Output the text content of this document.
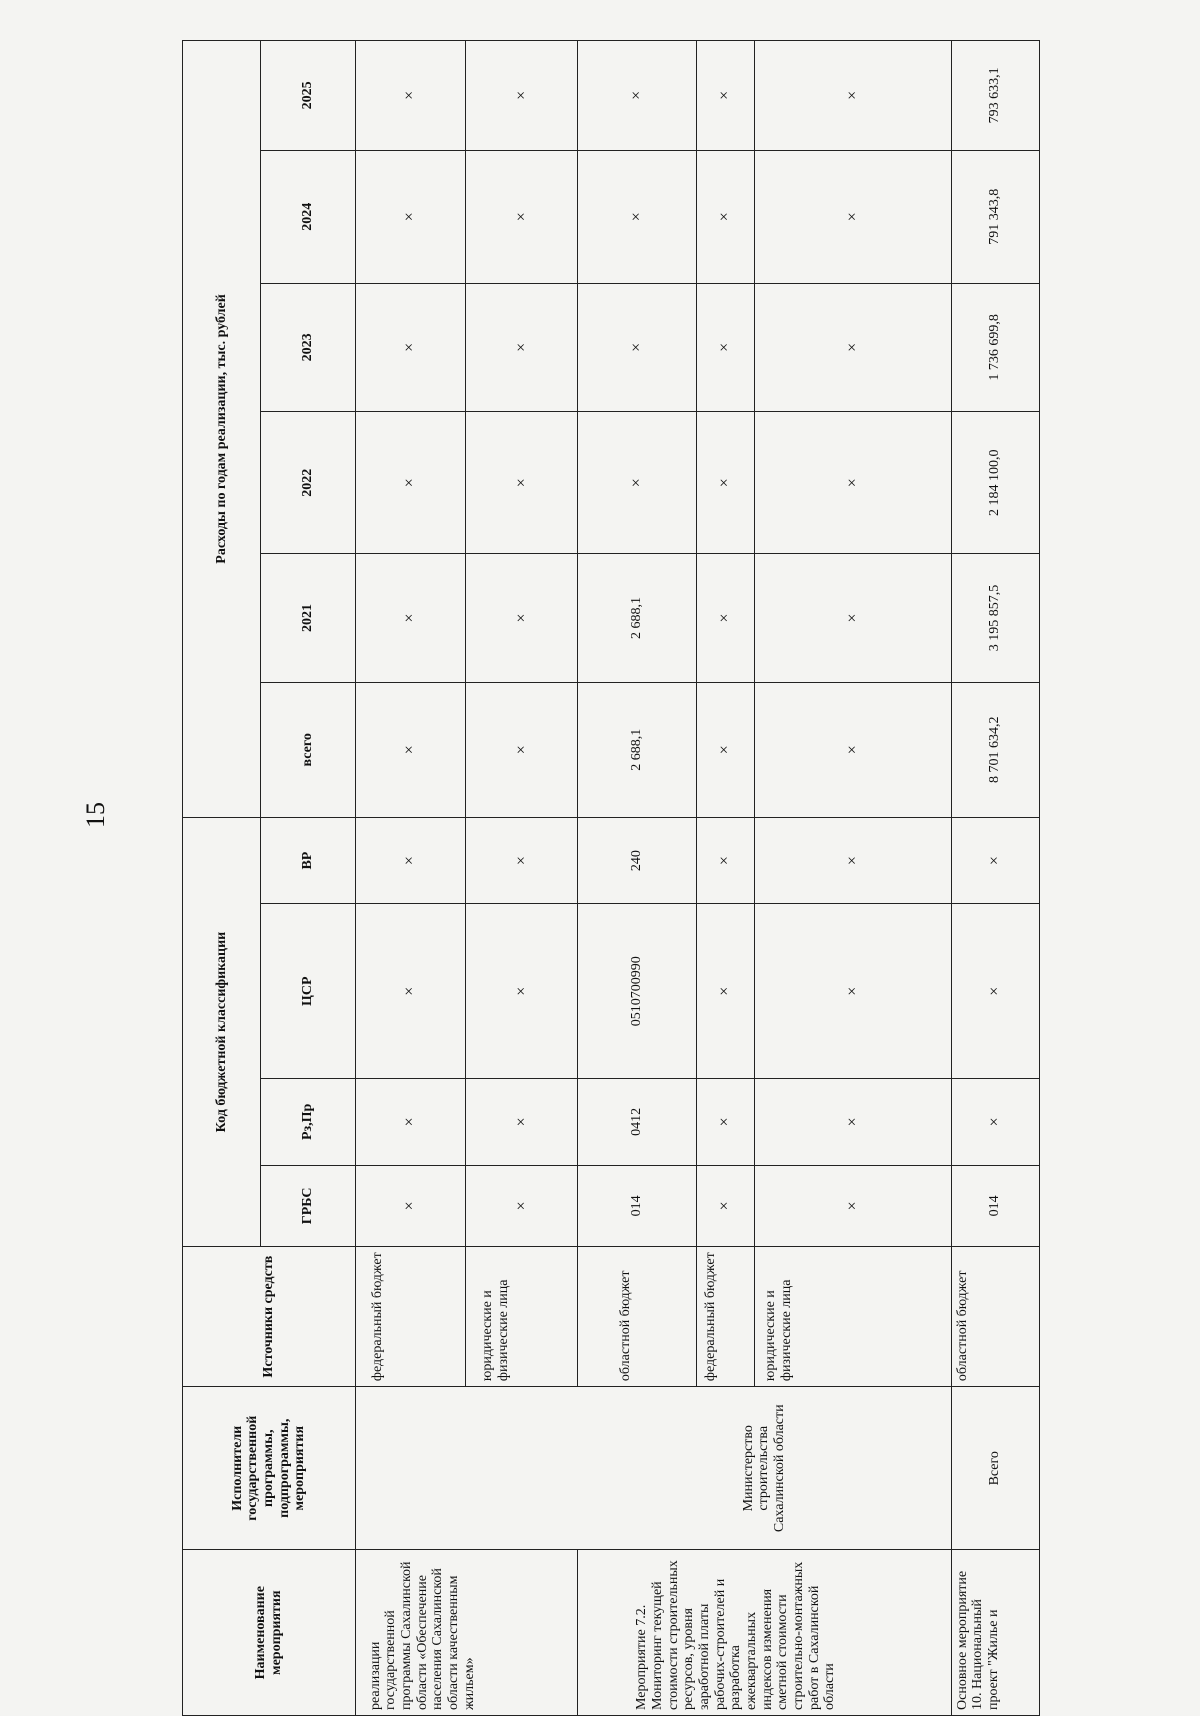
15
Наименование мероприятия	Исполнители государственной программы, подпрограммы, мероприятия	Источники средств	Код бюджетной классификации				Расходы по годам реализации, тыс. рублей					
			ГРБС	Рз,Пр	ЦСР	ВР	всего	2021	2022	2023	2024	2025
реализации государственной программы Сахалинской области «Обеспечение населения Сахалинской области качественным жильем»		федеральный бюджет	×	×	×	×	×	×	×	×	×	×
		юридические и физические лица	×	×	×	×	×	×	×	×	×	×
Мероприятие 7.2. Мониторинг текущей стоимости строительных ресурсов, уровня заработной платы рабочих-строителей и разработка ежеквартальных индексов изменения сметной стоимости строительно-монтажных работ в Сахалинской области	Министерство строительства Сахалинской области	областной бюджет	014	0412	0510700990	240	2 688,1	2 688,1	×	×	×	×
		федеральный бюджет	×	×	×	×	×	×	×	×	×	×
		юридические и физические лица	×	×	×	×	×	×	×	×	×	×
Основное мероприятие 10. Национальный проект "Жилье и	Всего	областной бюджет	014	×	×	×	8 701 634,2	3 195 857,5	2 184 100,0	1 736 699,8	791 343,8	793 633,1
